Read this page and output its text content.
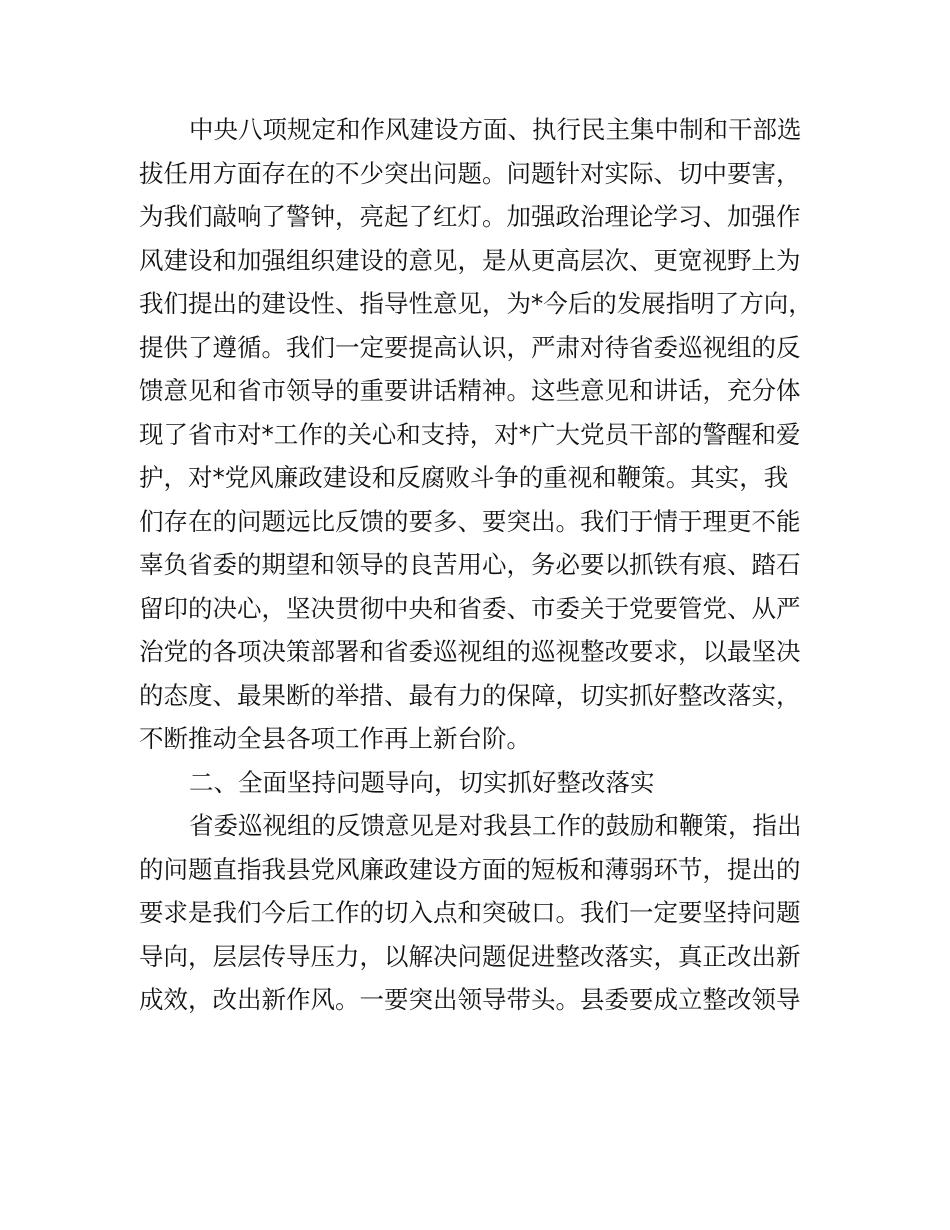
中央八项规定和作风建设方面、执行民主集中制和干部选
拔任用方面存在的不少突出问题。问题针对实际、切中要害，
为我们敲响了警钟，亮起了红灯。加强政治理论学习、加强作
风建设和加强组织建设的意见，是从更高层次、更宽视野上为
我们提出的建设性、指导性意见，为*今后的发展指明了方向，
提供了遵循。我们一定要提高认识，严肃对待省委巡视组的反
馈意见和省市领导的重要讲话精神。这些意见和讲话，充分体
现了省市对*工作的关心和支持，对*广大党员干部的警醒和爱
护，对*党风廉政建设和反腐败斗争的重视和鞭策。其实，我
们存在的问题远比反馈的要多、要突出。我们于情于理更不能
辜负省委的期望和领导的良苦用心，务必要以抓铁有痕、踏石
留印的决心，坚决贯彻中央和省委、市委关于党要管党、从严
治党的各项决策部署和省委巡视组的巡视整改要求，以最坚决
的态度、最果断的举措、最有力的保障，切实抓好整改落实，
不断推动全县各项工作再上新台阶。
二、全面坚持问题导向，切实抓好整改落实
省委巡视组的反馈意见是对我县工作的鼓励和鞭策，指出
的问题直指我县党风廉政建设方面的短板和薄弱环节，提出的
要求是我们今后工作的切入点和突破口。我们一定要坚持问题
导向，层层传导压力，以解决问题促进整改落实，真正改出新
成效，改出新作风。一要突出领导带头。县委要成立整改领导
